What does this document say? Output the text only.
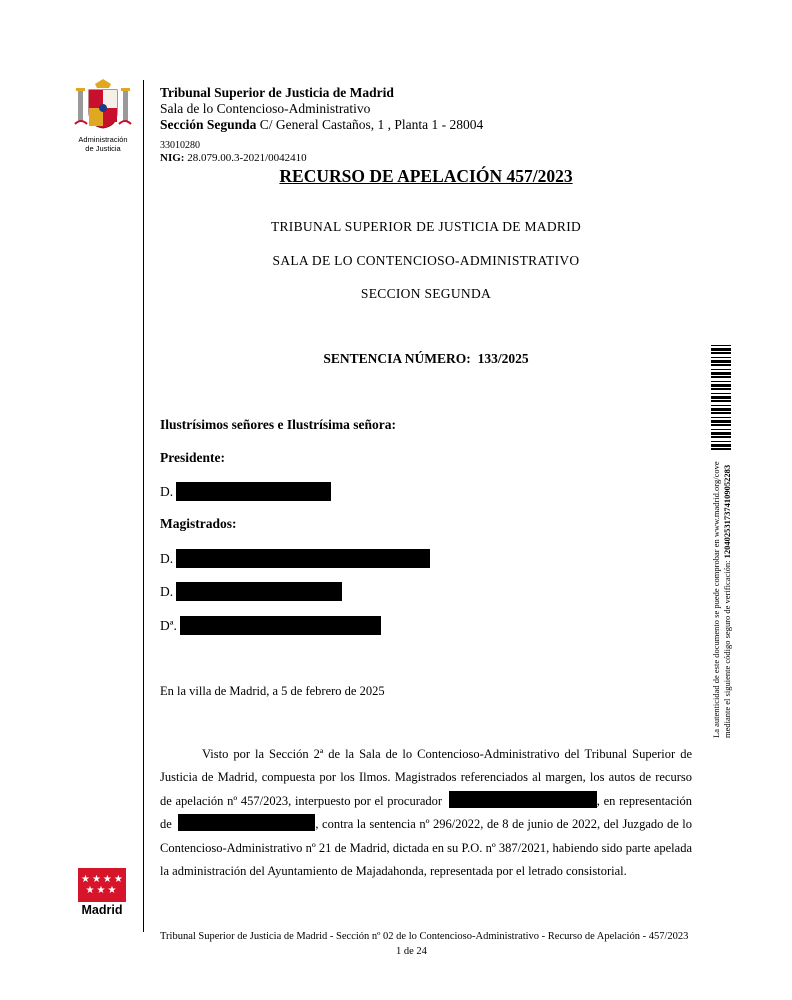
Administración
de Justicia
Tribunal Superior de Justicia de Madrid
Sala de lo Contencioso-Administrativo
Sección Segunda C/ General Castaños, 1 , Planta 1 - 28004
33010280
NIG: 28.079.00.3-2021/0042410
RECURSO DE APELACIÓN 457/2023
TRIBUNAL SUPERIOR DE JUSTICIA DE MADRID
SALA DE LO CONTENCIOSO-ADMINISTRATIVO
SECCION SEGUNDA
SENTENCIA NÚMERO: 133/2025
Ilustrísimos señores e Ilustrísima señora:
Presidente:
D.
Magistrados:
D.
D.
Dª.
En la villa de Madrid, a 5 de febrero de 2025
Visto por la Sección 2ª de la Sala de lo Contencioso-Administrativo del Tribunal Superior de Justicia de Madrid, compuesta por los Ilmos. Magistrados referenciados al margen, los autos de recurso de apelación nº 457/2023, interpuesto por el procurador	, en representación de	, contra la sentencia nº 296/2022, de 8 de junio de 2022, del Juzgado de lo Contencioso-Administrativo nº 21 de Madrid, dictada en su P.O. nº 387/2021, habiendo sido parte apelada la administración del Ayuntamiento de Majadahonda, representada por el letrado consistorial.
La autenticidad de este documento se puede comprobar en www.madrid.org/cove mediante el siguiente código seguro de verificación: 1204025317374109052283
★★★★
★★★
Madrid
Tribunal Superior de Justicia de Madrid - Sección nº 02 de lo Contencioso-Administrativo - Recurso de Apelación - 457/2023
1 de 24
